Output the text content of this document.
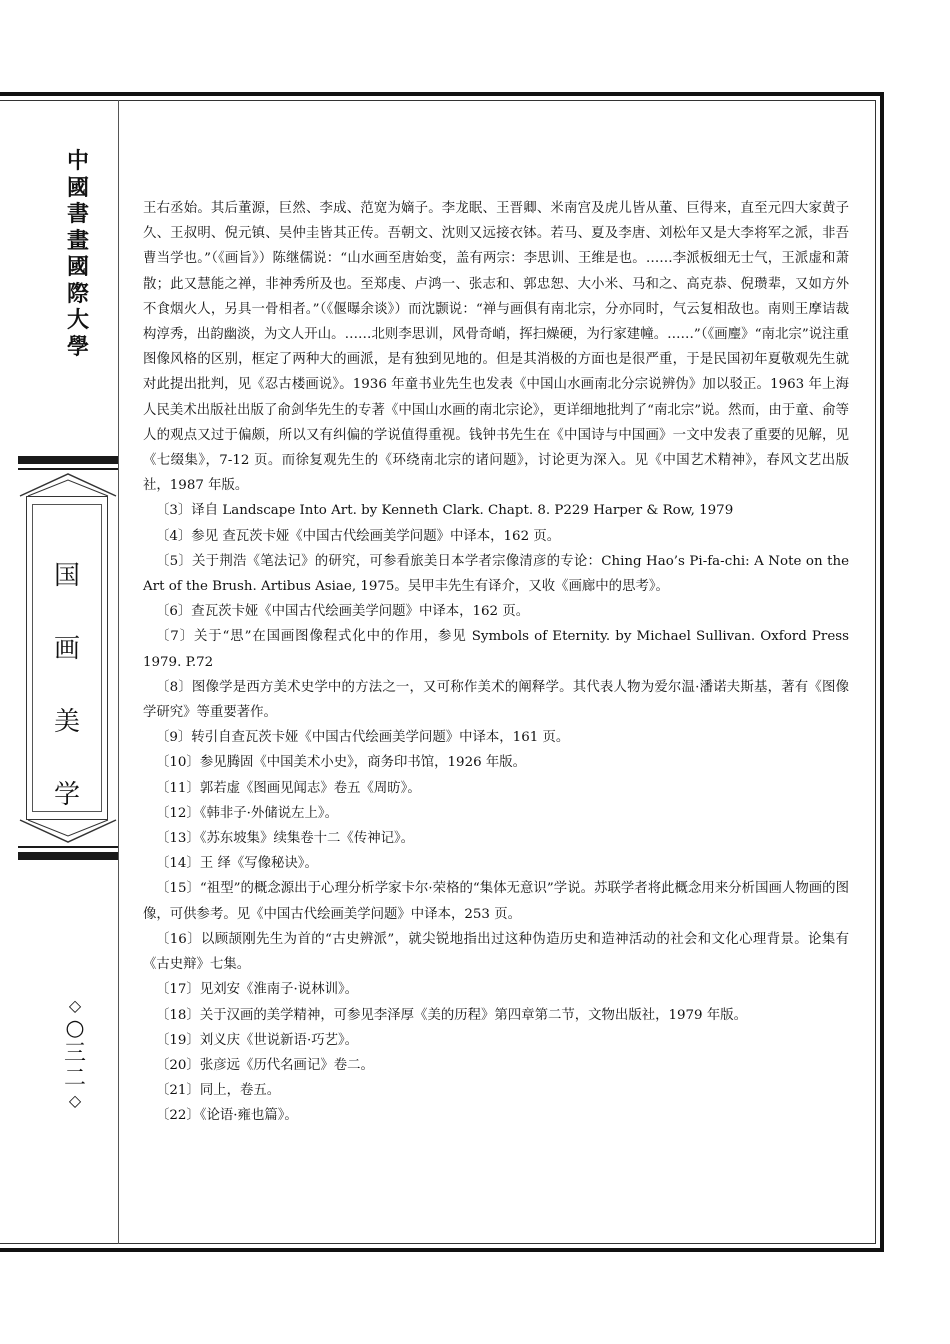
中國書畫國際大學
国画美学
◇
○三二
◇

王右丞始。其后董源，巨然、李成、范宽为嫡子。李龙眠、王晋卿、米南宫及虎儿皆从董、巨得来，直至元四大家黄子久、王叔明、倪元镇、吴仲圭皆其正传。吾朝文、沈则又远接衣钵。若马、夏及李唐、刘松年又是大李将军之派，非吾曹当学也。”（《画旨》）陈继儒说：“山水画至唐始变，盖有两宗：李思训、王维是也。……李派板细无士气，王派虚和萧散；此又慧能之禅，非神秀所及也。至郑虔、卢鸿一、张志和、郭忠恕、大小米、马和之、高克恭、倪瓒辈，又如方外不食烟火人，另具一骨相者。”（《偃曝余谈》）而沈颢说：“禅与画俱有南北宗，分亦同时，气云复相敌也。南则王摩诘裁构淳秀，出韵幽淡，为文人开山。……北则李思训，风骨奇峭，挥扫燥硬，为行家建幢。……”（《画麈》“南北宗”说注重图像风格的区别，框定了两种大的画派，是有独到见地的。但是其消极的方面也是很严重，于是民国初年夏敬观先生就对此提出批判，见《忍古楼画说》。1936 年童书业先生也发表《中国山水画南北分宗说辨伪》加以驳正。1963 年上海人民美术出版社出版了俞剑华先生的专著《中国山水画的南北宗论》，更详细地批判了“南北宗”说。然而，由于童、俞等人的观点又过于偏颇，所以又有纠偏的学说值得重视。钱钟书先生在《中国诗与中国画》一文中发表了重要的见解，见《七缀集》，7-12 页。而徐复观先生的《环绕南北宗的诸问题》，讨论更为深入。见《中国艺术精神》，春风文艺出版社，1987 年版。

〔3〕译自 Landscape Into Art. by Kenneth Clark. Chapt. 8. P229 Harper & Row, 1979

〔4〕参见 查瓦茨卡娅《中国古代绘画美学问题》中译本，162 页。

〔5〕关于荆浩《笔法记》的研究，可参看旅美日本学者宗像清彦的专论：Ching Hao’s Pi-fa-chi: A Note on the Art of the Brush. Artibus Asiae, 1975。吴甲丰先生有译介，又收《画廊中的思考》。

〔6〕查瓦茨卡娅《中国古代绘画美学问题》中译本，162 页。

〔7〕关于“思”在国画图像程式化中的作用，参见 Symbols of Eternity. by Michael Sullivan. Oxford Press 1979. P.72

〔8〕图像学是西方美术史学中的方法之一，又可称作美术的阐释学。其代表人物为爱尔温·潘诺夫斯基，著有《图像学研究》等重要著作。

〔9〕转引自查瓦茨卡娅《中国古代绘画美学问题》中译本，161 页。

〔10〕参见腾固《中国美术小史》，商务印书馆，1926 年版。

〔11〕郭若虚《图画见闻志》卷五《周昉》。

〔12〕《韩非子·外储说左上》。

〔13〕《苏东坡集》续集卷十二《传神记》。

〔14〕王 绎《写像秘诀》。

〔15〕“祖型”的概念源出于心理分析学家卡尔·荣格的“集体无意识”学说。苏联学者将此概念用来分析国画人物画的图像，可供参考。见《中国古代绘画美学问题》中译本，253 页。

〔16〕以顾颉刚先生为首的“古史辨派”，就尖锐地指出过这种伪造历史和造神活动的社会和文化心理背景。论集有《古史辩》七集。

〔17〕见刘安《淮南子·说林训》。

〔18〕关于汉画的美学精神，可参见李泽厚《美的历程》第四章第二节，文物出版社，1979 年版。

〔19〕刘义庆《世说新语·巧艺》。

〔20〕张彦远《历代名画记》卷二。

〔21〕同上，卷五。

〔22〕《论语·雍也篇》。
